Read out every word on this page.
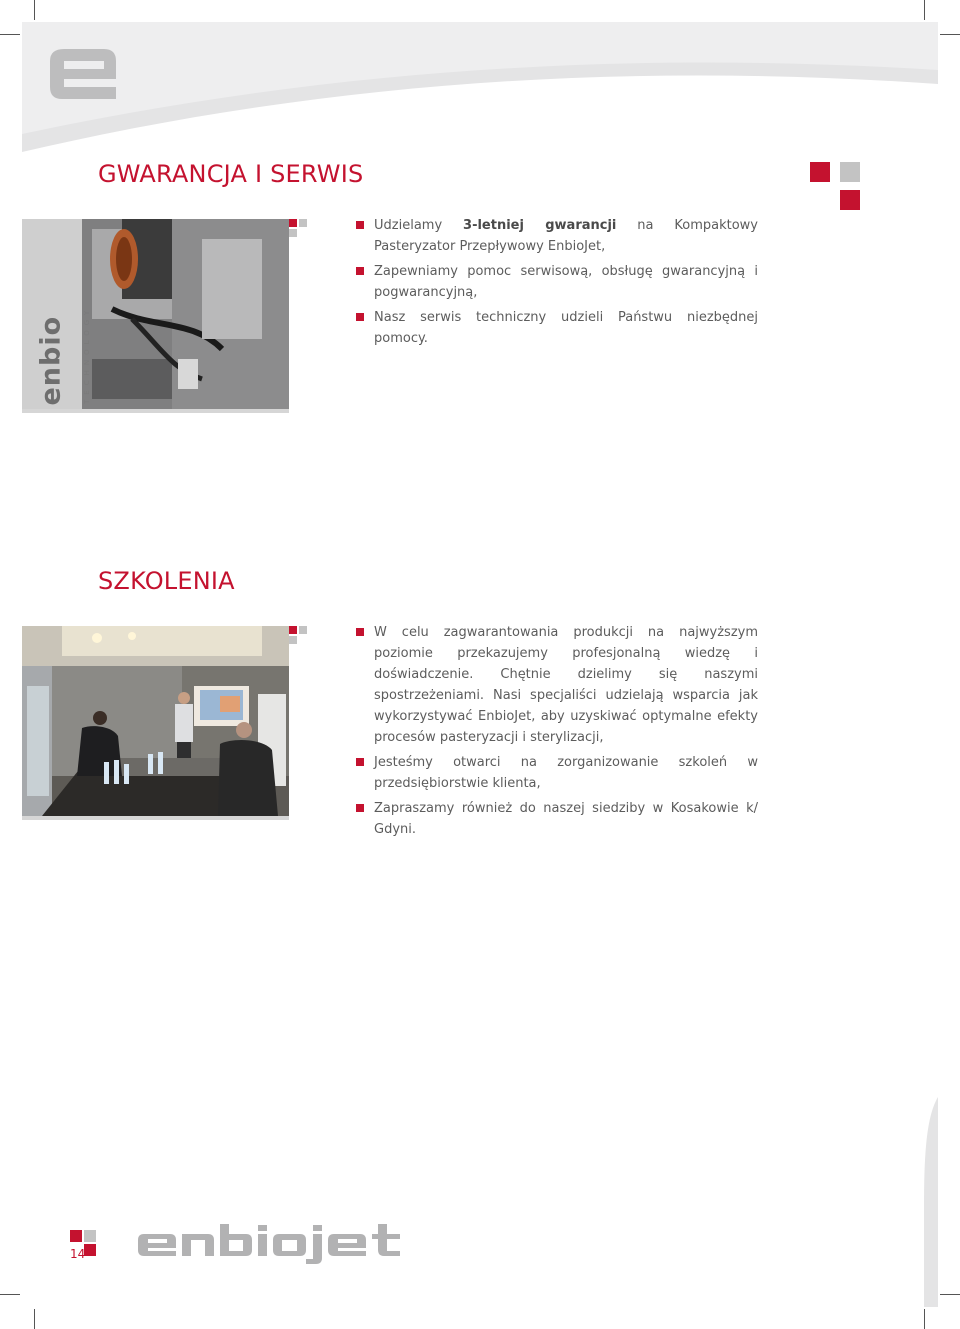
GWARANCJA I SERWIS
enbio TECHNOLOGY
Udzielamy 3-letniej gwarancji na Kompaktowy Pasteryzator Przepływowy EnbioJet,
Zapewniamy pomoc serwisową, obsługę gwarancyjną i pogwarancyjną,
Nasz serwis techniczny udzieli Państwu niezbędnej pomocy.
SZKOLENIA
W celu zagwarantowania produkcji na najwyższym poziomie przekazujemy profesjonalną wiedzę i doświadczenie. Chętnie dzielimy się naszymi spostrzeżeniami. Nasi specjaliści udzielają wsparcia jak wykorzystywać EnbioJet, aby uzyskiwać optymalne efekty procesów pasteryzacji i sterylizacji,
Jesteśmy otwarci na zorganizowanie szkoleń w przedsiębiorstwie klienta,
Zapraszamy również do naszej siedziby w Kosakowie k/ Gdyni.
14
